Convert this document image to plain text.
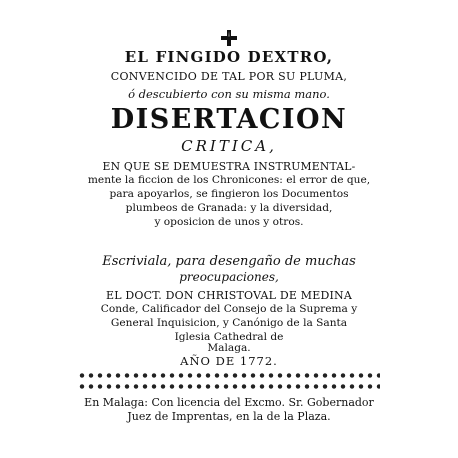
EL FINGIDO DEXTRO,
CONVENCIDO DE TAL POR SU PLUMA,
ó descubierto con su misma mano.
DISERTACION
CRITICA,
EN QUE SE DEMUESTRA INSTRUMENTAL-
mente la ficcion de los Chronicones: el error de que,
para apoyarlos, se fingieron los Documentos
plumbeos de Granada: y la diversidad,
y oposicion de unos y otros.
Escriviala, para desengaño de muchas
preocupaciones,
EL DOCT. DON CHRISTOVAL DE MEDINA
Conde, Calificador del Consejo de la Suprema y
General Inquisicion, y Canónigo de la Santa
Iglesia Cathedral de
AÑO DE 1772.
En Malaga: Con licencia del Excmo. Sr. Gobernador
Juez de Imprentas, en la de la Plaza.
Malaga.
